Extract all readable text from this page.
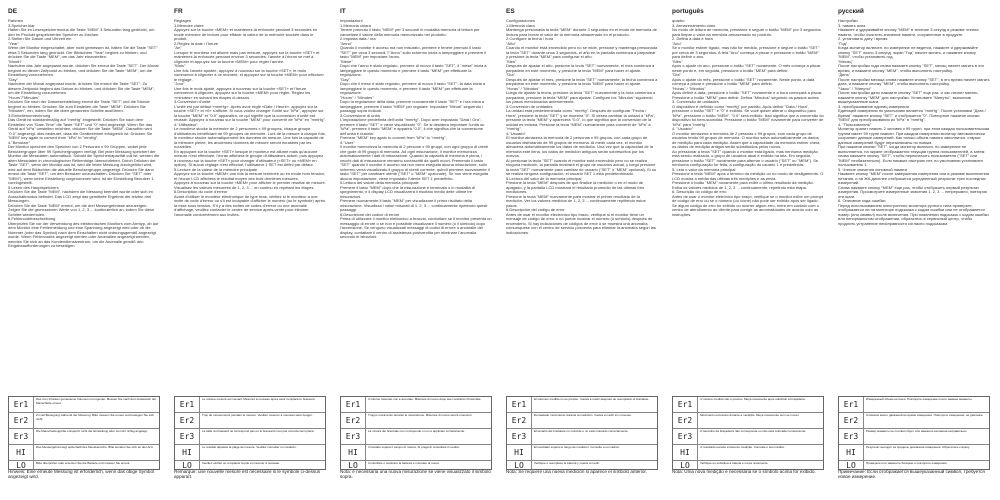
DE
Rahmen
3.Speicher klar
Halten Sie im Lesespeichermodus die Taste "MEM" 3 Sekunden lang gedrückt, um den im Produkt gespeicherten Speicher zu löschen.
2.Stellen Sie Datum und Uhrzeit ein
"Year"
Wenn der Monitor eingeschaltet, aber nicht gemessen ist, halten Sie die Taste "SET" etwa 3 Sekunden lang gedrückt. Der Bildschirm "Year" beginnt zu blinken, und drücken Sie die Taste "MEM", um das Jahr einzustellen.
"Month"
Nachdem das Jahr angepasst wurde, drücken Sie erneut die Taste "SET". Der Monat beginnt zu dienen Zeitpunkt zu blinken, und drücken Sie die Taste "MEM", um die Einstellung vorzunehmen.
"Day"
Nachdem der Monat angepasst wurde, drücken Sie erneut die Taste "SET". Zu diesem Zeitpunkt beginnt das Datum zu blinken, und drücken Sie die Taste "MEM", um die Einstellung vorzunehmen.
"Hours"/"Minutes"
Drücken Sie nach der Datumseinstellung erneut die Taste "SET" und die Stunde beginnt zu blinken. Drücken Sie zum Einstellen die Taste "MEM". Drücken Sie "Minuten", ein, indem Sie die oben genannten Schritte ausführen.
3.Einheitenumrechnung
Das Gerät ist standardmäßig auf "mmHg" eingestellt. Drücken Sie nach dem Einstellen von "Date-Time" die Taste "SET" und "0" wird angezeigt. Wenn Sie das Gerät auf "kPa" umstellen möchten, drücken Sie die Taste "MEM". Daraufhin wird "0.0" angezeigt, dies bedeutet, dass die Geräteeinheit erfolgreich ist. Drücken Sie "MEM" key again to convert from "kPa" to "mmHg".
4."Benutzer"
Der Monitor speichert den Speicher von 2 Personen x 99 Gruppen, wobei jede Benutzergruppe über 99 Speichergruppen verfügt. Bei jeder Messung speichert der Monitor die Messdaten automatisch. Sobald die Speicherkapazität voll ist, werden die alten Messdaten in chronologischer Reihenfolge überschrieben. Durch Drücken der Taste "SET", wenn der Monitor aus ist, wird die letzte Messung durchgeführt wird, wird auf dem Bildschirm die aktuelle Benutzergruppe angezeigt. Drücken Sie dann erneut die Taste "SET", um den Benutzer umzuschalten. Drücken Sie "SET" oder "MEM"), wenn keine Einstellung vorgenommen wird, ist die Einstellung Benutzer 1 voreingestellt.
5.Lesen des Hauptspeichers
Drücken Sie die Taste "MEM", nachdem die Messung beendet wurde oder sich im Ausschaltmodus befindet. Das LCD zeigt das gemittelte Ergebnis der letzten drei Messungen.
Drücken Sie die Taste "MEM" erneut, um die drei Messergebnisse anzuzeigen. Zeigen Sie die gemessenen Werte von 1, 2, 3 ... kontinuierlich an, indem Sie diese Schritte wiederholen.
6.Fehlercodebeschreibung
Überprüfen Sie vor der Verwendung des elektronischen Monitors vom Armtyp, ob auf dem Monitor eine Fehlermeldung und eine Spannung angezeigt wird oder ob die Nummer (oder das Symbol) nach dem Einschalten nicht ordnungsgemäß angezeigt wurde. Wenn Fehlercodes angezeigt werden oder Anomalien angezeigt werden, wenden Sie sich an das Kundendienstzentrum, um die Anomalie gemäß den Eingabeaufforderungen zu beseitigen.
Er1
Das zum Drucken gemessene Volumen ist ungenau. Messen Sie nach dem Austausch der Manschette erneut.
Er2
Zu viel Bewegung während der Messung. Bitte messen Sie erneut und bewegen Sie sich nicht.
Er3
Die Manschettengröße entspricht nicht der Einstellung oder ist nicht richtig angelegt.
HI
Das Messergebnis liegt außerhalb des Messbereichs. Bitte wenden Sie sich an den Arzt.
LO	Bitte überprüfen oder ersetzen Sie die Batterie und messen Sie erneut.
Hinweis: Eine erneute Messung ist erforderlich, wenn das obige Symbol angezeigt wird.
FR
Réglages
1.Mémoire claire
Appuyez sur la touche «MEM» et maintenez-la enfoncée pendant 3 secondes en mode mémoire de lecture pour effacer la valeur de la mémoire stockée dans le produit.
2.Réglez la date / l'heure
"An"
Lorsque le moniteur est allumé mais pas mesuré, appuyez sur la touche «SET» et maintenez-la enfoncée pendant environ 3 secondes, l'année à l'écran se met à clignoter et appuyez sur la touche «MEM» pour régler l'année.
"Mois"
Une fois l'année ajustée, appuyez à nouveau sur la touche «SET», le mois commence à clignoter à ce moment, et appuyez sur la touche «MEM» pour effectuer le réglage.
"Jour"
Une fois le mois ajusté, appuyez à nouveau sur la touche «SET» et l'heure commence à clignoter, appuyez sur la touche «MEM» pour régler. Réglez les «minutes» en suivant les étapes ci-dessus.
3.Conversion d'unité
L'unité est par défaut «mmHg». Après avoir réglé «Date / Heure», appuyez sur la touche «SET» et «0» s'affiche. Si vous voulez changer l'unité sur "kPa", appuyez sur la touche "MEM" et "0.0" apparaîtra, ce qui signifie que la conversion d'unité est réussie. Appuyez à nouveau sur la touche "MEM" pour convertir de "kPa" en "mmHg".
4."Utilisateur"
Le moniteur stocke la mémoire de 2 personnes x 99 groupes, chaque groupe d'utilisateurs bénéficiant de 99 groupes de mémoire. Lors de la mesure à chaque fois, le moniteur stocke automatiquement les données de mesure. Une fois la capacité de la mémoire pleine, les anciennes données de mesure seront écrasées par les nouvelles.
En appuyant sur la touche «SET» lorsque le moniteur est allumé mais qu'aucune mesure n'est effectuée, l'écran affichera le groupe d'utilisateurs actuel, puis appuyez à nouveau sur la touche «SET» pour changer d'utilisateur («SET» ou «MEM» en option). Si aucun réglage n'est effectué, l'utilisateur 1 SET est défini par défaut.
5.Lecture de la valeur de la mémoire principale
Appuyez sur la touche «MEM» une fois la mesure terminée ou en mode hors tension, et l'écran LCD affichera le résultat moyen des trois dernières mesures.
Appuyez à nouveau sur la touche «MEM» pour afficher le premier résultat de mesure. Visualisez les valeurs mesurées de 1, 2, 3 ... en continu en répétant les étapes.
6.Description du code d'erreur
Avant d'utiliser le moniteur électronique de type bras, vérifiez si le moniteur a une invite de code d'erreur ou s'il est incapable d'afficher le numéro (ou le symbole) après la mise sous tension. S'il y a des invites de codes d'erreur ou une anomalie d'affichage, veuillez contacter le centre de service après-vente pour éliminer l'anomalie conformément aux invites.
Er1
Le volume mesuré est inexact. Mesurez à nouveau après avoir remplacé le brassard.
Er2
Trop de mouvements pendant la mesure. Veuillez mesurer à nouveau sans bouger.
Er3
La taille du brassard ne correspond pas ou le brassard n'est pas correctement placé.
HI
Le résultat dépasse la plage de mesure. Veuillez consulter un médecin.
LO	Veuillez vérifier ou remplacer la pile et mesurer à nouveau.
Remarque: une nouvelle mesure est nécessaire si le symbole ci-dessus apparaît.
IT
Impostazioni
1.Memoria chiara
Tenere premuto il tasto "MEM" per 3 secondi in modalità memoria di lettura per cancellare il valore della memoria memorizzato nel prodotto.
2.Imposta data / ora
"Anno"
Quando il monitor è acceso ma non misurato, premere e tenere premuto il tasto "SET" per circa 3 secondi, l'"Anno" sullo schermo inizia a lampeggiare e premere il tasto "MEM" per impostare l'anno.
"Mese"
Dopo che l'anno è stato regolato, premere di nuovo il tasto "SET", il "mese" inizia a lampeggiare in questo momento e premere il tasto "MEM" per effettuare la regolazione.
"Day"
Dopo che il mese è stato regolato, premere di nuovo il tasto "SET", la data inizia a lampeggiare in questo momento, e premere il tasto "MEM" per effettuare la regolazione.
"Hours" / "Minutes"
Dopo la regolazione della data, premere nuovamente il tasto "SET" e l'ora inizia a lampeggiare, premere il tasto "MEM" per regolare. Impostare "Minuti" seguendo i passaggi sopra indicati.
3.Conversione di unità
L'impostazione predefinita dell'unità "mmHg". Dopo aver impostato "Data / Ora", premere il tasto "SET" e viene visualizzato "0". Se si desidera impostare l'unità su "kPa", premere il tasto "MEM" e apparirà "0.0", il che significa che la conversione dell'unità è riuscita.
Premere "MEM" key again to convert from "kPa" to "mmHg".
4."User"
Il monitor memorizza la memoria di 2 persone x 99 gruppi, con ogni gruppo di utenti che gode di 99 gruppi di memoria. Ad ogni misurazione, il monitor memorizza automaticamente i dati di misurazione. Quando la capacità di memoria è piena, i vecchi dati di misurazione verranno sovrascritti da quelli nuovi. Premendo il tasto "SET" quando il monitor è acceso ma non viene eseguita alcuna misurazione, sullo schermo verrà visualizzato il gruppo di utenti corrente, quindi premere nuovamente il tasto "SET" per cambiare utente ("SET" o "MEM" opzionale). Se non viene eseguita alcuna impostazione, viene impostato l'utente SET 1 predefinito.
5.Lettura del valore della memoria principale
Premere il tasto "MEM" dopo che la misurazione è terminata o in modalità di spegnimento, e il display LCD visualizzerà il risultato medio delle ultime tre misurazioni.
Premere nuovamente il tasto "MEM" per visualizzare il primo risultato della misurazione. Visualizza i valori misurati di 1, 2, 3 ... continuamente ripetendo questi passaggi.
6.Descrizione del codice di errore
Prima di utilizzare il monitor elettronico a braccio, controllare se il monitor presenta un messaggio di errore o se non è possibile visualizzare il numero (o il simbolo) dopo l'accensione. Se vengono visualizzati messaggi di codici di errore o anomalie del display, contattare il centro di assistenza postvendita per eliminare l'anomalia secondo le istruzioni.
Er1
Il volume misurato non è accurato. Misurare di nuovo dopo aver sostituito il bracciale.
Er2
Troppo movimento durante la misurazione. Misurare di nuovo senza muoversi.
Er3
La misura del bracciale non corrisponde o non è applicato correttamente.
HI
Il risultato supera il campo di misura. Si prega di consultare il medico.
LO	Controllare o sostituire la batteria e misurare di nuovo.
Nota: è necessaria una nuova misurazione se viene visualizzato il simbolo sopra.
ES
Configuraciones
1.Memoria clara
Mantenga presionada la tecla "MEM" durante 3 segundos en el modo de memoria de lectura para borrar el valor de la memoria almacenado en el producto.
2.Configure la fecha / hora
"Año"
Cuando el monitor está encendido pero no se mide, presione y mantenga presionada la tecla "SET" durante unos 3 segundos, el año en la pantalla comienza a parpadear y presione la tecla "MEM" para configurar el año.
"Mes"
Después de ajustar el año, presione la tecla "SET" nuevamente, el mes comienza a parpadear en este momento, y presione la tecla "MEM" para hacer el ajuste.
"Día"
Después de ajustar el mes, presione la tecla "SET" nuevamente, la fecha comienza a parpadear en este momento, y presione la tecla "MEM" para hacer el ajuste.
"Horas" / "Minutos"
Luego de ajustar la fecha, presione la tecla "SET" nuevamente y la hora comienza a parpadear, presione la tecla "MEM" para ajustar. Configure los "Minutos" siguiendo los pasos mencionados anteriormente.
3.Conversión de unidades
La unidad está predeterminada como "mmHg". Después de configurar "Fecha / Hora", presione la tecla "SET" y se muestra "0". Si desea cambiar la unidad a "kPa", presione la tecla "MEM" y aparecerá "0.0", lo que significa que la conversión de la unidad es exitosa. Presione la tecla "MEM" nuevamente para convertir de "kPa" a "mmHg".
4."Usuario"
El monitor almacena la memoria de 2 personas x 99 grupos, con cada grupo de usuarios disfrutando de 99 grupos de memoria. Al medir cada vez, el monitor almacena automáticamente los datos de medición. Una vez que la capacidad de la memoria esté llena, los datos de medición antiguos serán sobrescritos por los nuevos.
Al presionar la tecla "SET" cuando el monitor está encendido pero no se realiza ninguna medición, la pantalla mostrará el grupo de usuarios actual, y luego presione la tecla "SET" nuevamente para cambiar de usuario ("SET" o "MEM" opcional). Si no se realiza ninguna configuración, el usuario SET 1 está predeterminado.
5.Lectura del valor de la memoria principal
Presione la tecla "MEM" después de que finalice la medición o en el modo de apagado, y la pantalla LCD mostrará el resultado promedio de las últimas tres mediciones.
Presione la tecla "MEM" nuevamente para mostrar el primer resultado de la medición. Ver los valores medidos de 1, 2, 3 ... continuamente repitiendo estos pasos.
6.Descripción del código de error
Antes de usar el monitor electrónico tipo brazo, verifique si el monitor tiene un mensaje de código de error o no puede mostrar el número (o símbolo) después de encenderlo. Si hay indicaciones de códigos de error o se muestra una anomalía, comuníquese con el centro de servicio posventa para eliminar la anomalía según las indicaciones.
Er1
El volumen medido no es preciso. Vuelva a medir después de reemplazar el brazalete.
Er2
Demasiado movimiento durante la medición. Vuelva a medir sin moverse.
Er3
El tamaño del brazalete no coincide o no está colocado correctamente.
HI
El resultado supera el rango de medición. Consulte a su médico.
LO	Verifique o reemplace la batería y vuelva a medir.
Nota: Se requiere una nueva medición si aparece el símbolo anterior.
português
quadro
3. Armazenamento claro
No modo de leitura de memória, pressione e segure o botão "MEM" por 3 segundos para limpar o valor da memória armazenado no produto.
2. Defina a data e hora
"Ano"
Se o monitor estiver ligado, mas não for medido, pressione e segure o botão "SET" por cerca de 3 segundos. A tela "Ano" começa a piscar e pressione o botão "MEM" para definir o ano.
"Mês"
Após o ajuste do ano, pressione o botão "SET" novamente. O mês começa a piscar neste ponto e, em seguida, pressione o botão "MEM" para definir.
"Dia"
Após o ajuste do mês, pressione o botão "SET" novamente. Neste ponto, a data começa a piscar e pressione o botão "MEM" para definir.
"Horas" / "Minutos"
Após definir a data, pressione o botão "SET" novamente e a hora começará a piscar. Pressione o botão "MEM" para definir. Defina "Minutos" seguindo os passos acima.
3. Conversão de unidades
O dispositivo é definido como "mmHg" por padrão. Após definir "Data / Hora", pressione o botão "SET" e "0" é exibido. Se você quiser alterar o dispositivo para "kPa", pressione o botão "MEM". "0.0" será exibido. Isso significa que a conversão do dispositivo foi bem-sucedida. Pressione o botão "MEM" novamente para converter de "kPa" para "mmHg".
4. "Usuário"
O monitor armazena a memória de 2 pessoas x 99 grupos, com cada grupo de usuários tendo 99 grupos de memória. O monitor salva automaticamente os dados de medição para cada medição. Assim que a capacidade da memória estiver cheia, os dados de medição antigos serão substituídos pelos novos.
Ao pressionar a tecla "SET" quando o monitor está ligado, mas nenhuma medição está sendo realizada, o grupo de usuários atual é exibido na tela. Em seguida, pressione o botão "SET" novamente para alternar o usuário ("SET" ou "MEM"). Se nenhuma configuração for feita, a configuração do usuário 1 é predefinida.
5. Leia o valor da memória principal
Pressione a tecla "MEM" após o término da medição ou no modo de desligamento. O LCD mostra a média das últimas três medições e as envia.
Pressione o botão "MEM" novamente para exibir o último resultado da medição. Exiba os valores medidos de 1, 2, 3 ... continuamente, repetindo esta etapa.
6. Descrição do código de erro
Antes de usar o monitor eletrônico tipo braço, verifique se o monitor exibe um prompt de código de erro ou se o número (ou ícone) não pode ser exibido após ser ligado. Se algum código de erro for exibido ou ocorrer algum erro, entre em contato com o centro de atendimento ao cliente para corrigir as anormalidades de acordo com as instruções.
Er1
O volume medido não é preciso. Meça novamente após substituir a braçadeira.
Er2
Movimento excessivo durante a medição. Meça novamente sem se mover.
Er3
O tamanho da braçadeira não corresponde ou não está colocada corretamente.
HI
O resultado excede a faixa de medição. Consulte o seu médico.
LO	Verifique ou substitua a bateria e meça novamente.
Nota: Uma nova medição é necessária se o símbolo acima for exibido.
русский
Настройки
3. память ясна
Нажмите и удерживайте кнопку "MEM" в течение 3 секунд в режиме чтения памяти, чтобы очистить значение памяти, сохраненное в продукте.
2. установить дату / время
"Год"
Когда монитор включен, но измерение не ведется, нажмите и удерживайте кнопку "SET" около 3 секунд, экран "Год" начнет мигать, и нажмите кнопку "MEM", чтобы установить год.
"Месяц"
После настройки года снова нажмите кнопку "SET", месяц начнет мигать в это время, и нажмите кнопку "MEM", чтобы выполнить настройку.
"День"
После настройки месяца снова нажмите кнопку "SET", в это время начнет мигать дата, и нажмите кнопку "MEM", чтобы выполнить настройку.
"Часы" / "Минуты"
После настройки даты нажмите кнопку "SET" еще раз, и час начнет мигать, нажмите кнопку "MEM" для настройки. Установите "Минуты", выполнив вышеуказанные шаги.
3. преобразование единиц измерения
Единицей измерения по умолчанию является "mmHg". После установки "Дата / Время" нажмите кнопку "SET" и отобразится "0". Повторное нажатие кнопки "MEM" для преобразования из "kPa" в "mmHg".
4. "Пользователь"
Монитор хранит память 2 человек х 99 групп, при этом каждая пользовательская группа имеет 99 групп памяти. При каждом измерении монитор автоматически сохраняет данные измерений. Как только объем памяти заполнится, старые данные измерений будут перезаписаны по новым.
При нажатии кнопки "SET", когда монитор включен, но измерение не выполняется, на экране отображается текущая группа пользователей, а затем снова нажмите кнопку "SET", чтобы переключить пользователя ("SET" или "MEM" необязательно). Если никаких настроек нет, по умолчанию установлен пользователь 1.
5. Чтение значения основной памяти
Нажмите кнопку "MEM" после завершения измерения или в режиме выключения питания, и на ЖК-дисплее отобразится усредненный результат трех последних измерений.
Снова нажмите кнопку "MEM" еще раз, чтобы отобразить первый результат измерения. Просмотрите измеренные значения 1, 2, 3 ... непрерывно, повторяя эти шаги.
6. Описание кода ошибки
Перед использованием электронного монитора ручного типа проверьте, отображается ли на мониторе подсказка с кодом ошибки или не отображается номер (или символ) после включения. При появлении подсказок с кодом ошибки или ненормальном отображении, обратитесь в сервисный центр, чтобы продлить устранение неисправности согласно подсказкам.
Er1
Измеренный объем неточен. Повторите измерение после замены манжеты.
Er2
Слишком много движений во время измерения. Повторите измерение, не двигаясь.
Er3
Размер манжеты не соответствует или манжета наложена неправильно.
HI
Результат выходит за пределы диапазона измерения. Обратитесь к врачу.
LO	Проверьте или замените батарею и повторите измерение.
Примечание: Если отображается вышеуказанный символ, требуется новое измерение.
